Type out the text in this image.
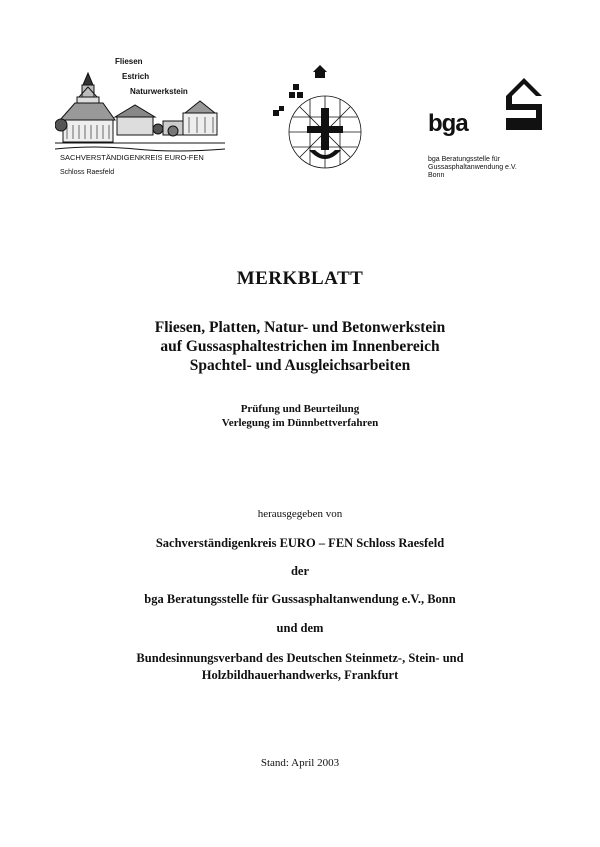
Fliesen
Estrich
Naturwerkstein
SACHVERSTÄNDIGENKREIS EURO-FEN
Schloss Raesfeld
bga
bga Beratungsstelle für
Gussasphaltanwendung e.V.
Bonn
MERKBLATT
Fliesen, Platten, Natur- und Betonwerkstein
auf Gussasphaltestrichen im Innenbereich
Spachtel- und Ausgleichsarbeiten
Prüfung und Beurteilung
Verlegung im Dünnbettverfahren
herausgegeben von
Sachverständigenkreis EURO – FEN Schloss Raesfeld
der
bga Beratungsstelle für Gussasphaltanwendung e.V., Bonn
und dem
Bundesinnungsverband des Deutschen Steinmetz-, Stein- und
Holzbildhauerhandwerks, Frankfurt
Stand: April 2003
